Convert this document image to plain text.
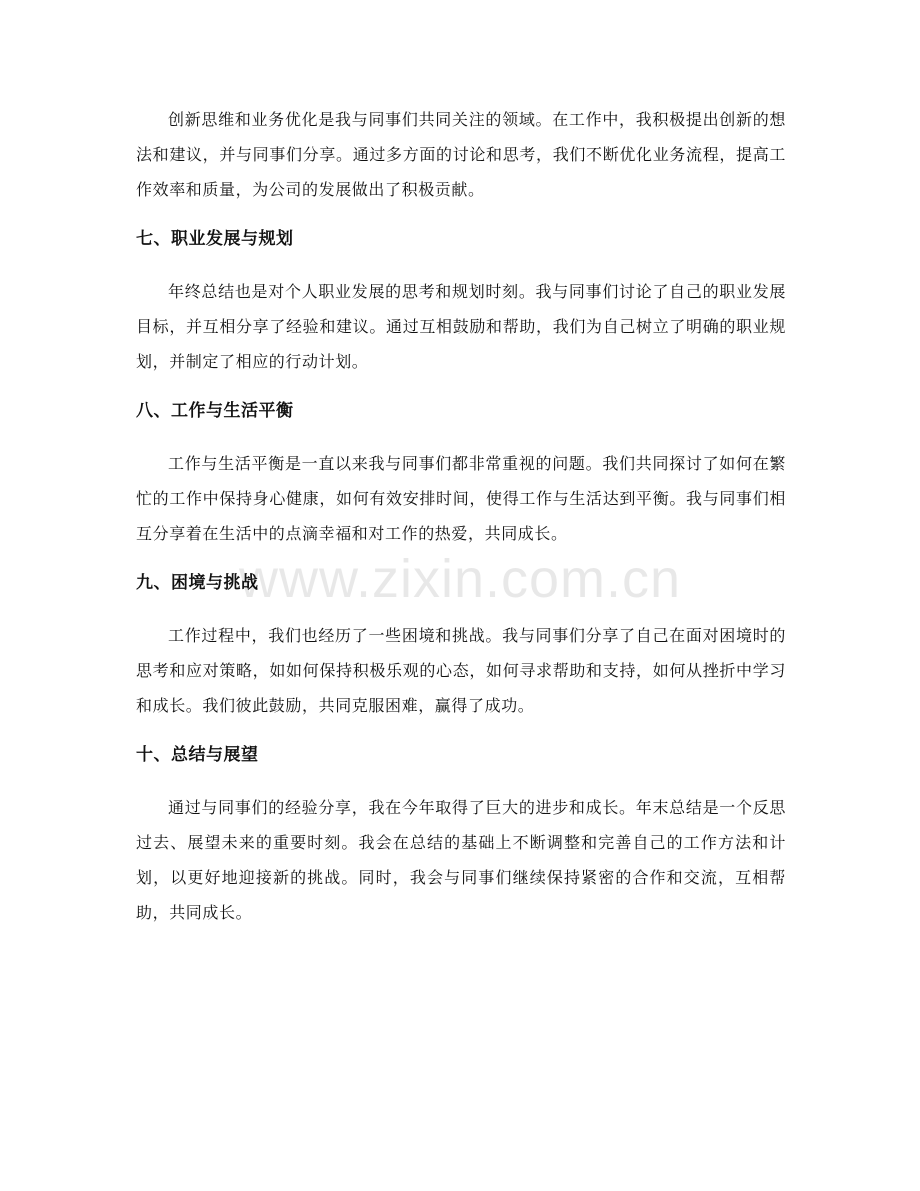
创新思维和业务优化是我与同事们共同关注的领域。在工作中，我积极提出创新的想法和建议，并与同事们分享。通过多方面的讨论和思考，我们不断优化业务流程，提高工作效率和质量，为公司的发展做出了积极贡献。

七、职业发展与规划

年终总结也是对个人职业发展的思考和规划时刻。我与同事们讨论了自己的职业发展目标，并互相分享了经验和建议。通过互相鼓励和帮助，我们为自己树立了明确的职业规划，并制定了相应的行动计划。

八、工作与生活平衡

工作与生活平衡是一直以来我与同事们都非常重视的问题。我们共同探讨了如何在繁忙的工作中保持身心健康，如何有效安排时间，使得工作与生活达到平衡。我与同事们相互分享着在生活中的点滴幸福和对工作的热爱，共同成长。

九、困境与挑战

工作过程中，我们也经历了一些困境和挑战。我与同事们分享了自己在面对困境时的思考和应对策略，如如何保持积极乐观的心态，如何寻求帮助和支持，如何从挫折中学习和成长。我们彼此鼓励，共同克服困难，赢得了成功。

十、总结与展望

通过与同事们的经验分享，我在今年取得了巨大的进步和成长。年末总结是一个反思过去、展望未来的重要时刻。我会在总结的基础上不断调整和完善自己的工作方法和计划，以更好地迎接新的挑战。同时，我会与同事们继续保持紧密的合作和交流，互相帮助，共同成长。

www.zixin.com.cn
